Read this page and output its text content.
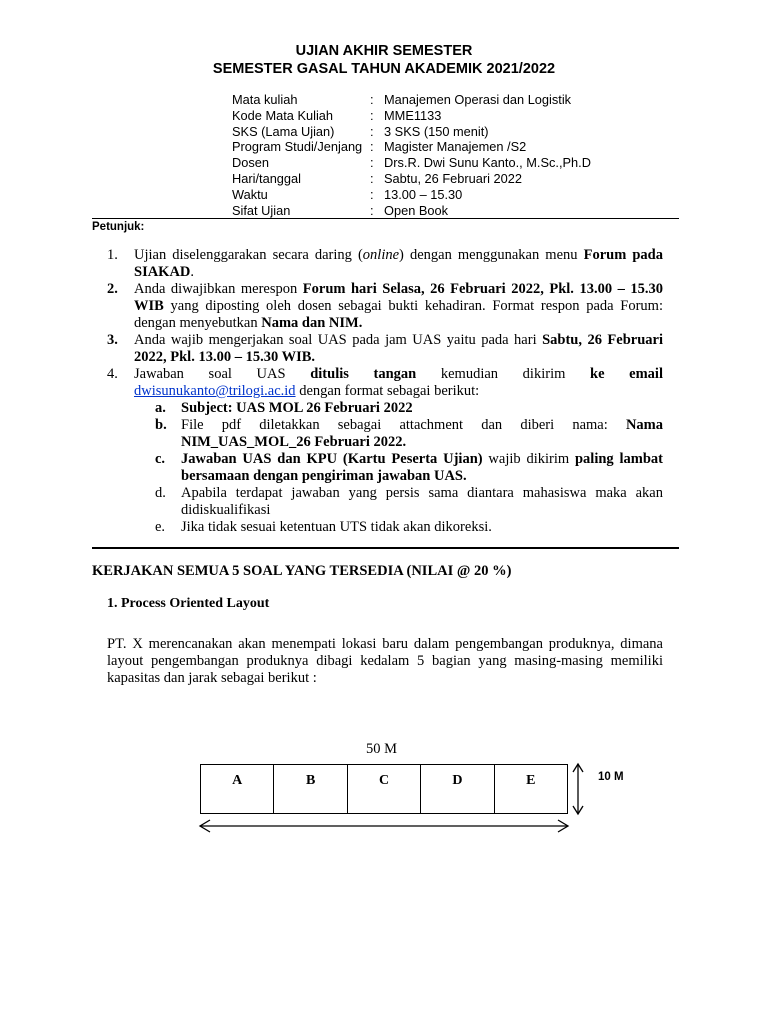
UJIAN AKHIR SEMESTER
SEMESTER GASAL TAHUN AKADEMIK 2021/2022
Mata kuliah	: Manajemen Operasi dan Logistik
Kode Mata Kuliah	: MME1133
SKS (Lama Ujian)	: 3 SKS (150 menit)
Program Studi/Jenjang : Magister Manajemen /S2
Dosen	: Drs.R. Dwi Sunu Kanto., M.Sc.,Ph.D
Hari/tanggal	: Sabtu, 26 Februari 2022
Waktu	: 13.00 – 15.30
Sifat Ujian	: Open Book
Petunjuk:
1. Ujian diselenggarakan secara daring (online) dengan menggunakan menu Forum pada SIAKAD.
2. Anda diwajibkan merespon Forum hari Selasa, 26 Februari 2022, Pkl. 13.00 – 15.30 WIB yang diposting oleh dosen sebagai bukti kehadiran. Format respon pada Forum: dengan menyebutkan Nama dan NIM.
3. Anda wajib mengerjakan soal UAS pada jam UAS yaitu pada hari Sabtu, 26 Februari 2022, Pkl. 13.00 – 15.30 WIB.
4. Jawaban soal UAS ditulis tangan kemudian dikirim ke email
dwisunukanto@trilogi.ac.id dengan format sebagai berikut:
a. Subject: UAS MOL 26 Februari 2022
b. File pdf diletakkan sebagai attachment dan diberi nama: Nama NIM_UAS_MOL_26 Februari 2022.
c. Jawaban UAS dan KPU (Kartu Peserta Ujian) wajib dikirim paling lambat bersamaan dengan pengiriman jawaban UAS.
d. Apabila terdapat jawaban yang persis sama diantara mahasiswa maka akan didiskualifikasi
e. Jika tidak sesuai ketentuan UTS tidak akan dikoreksi.
KERJAKAN SEMUA 5 SOAL YANG TERSEDIA (NILAI @ 20 %)
1. Process Oriented Layout
PT. X merencanakan akan menempati lokasi baru dalam pengembangan produknya, dimana layout pengembangan produknya dibagi kedalam 5 bagian yang masing-masing memiliki kapasitas dan jarak sebagai berikut :
50 M
A	B	C	D	E	10 M
